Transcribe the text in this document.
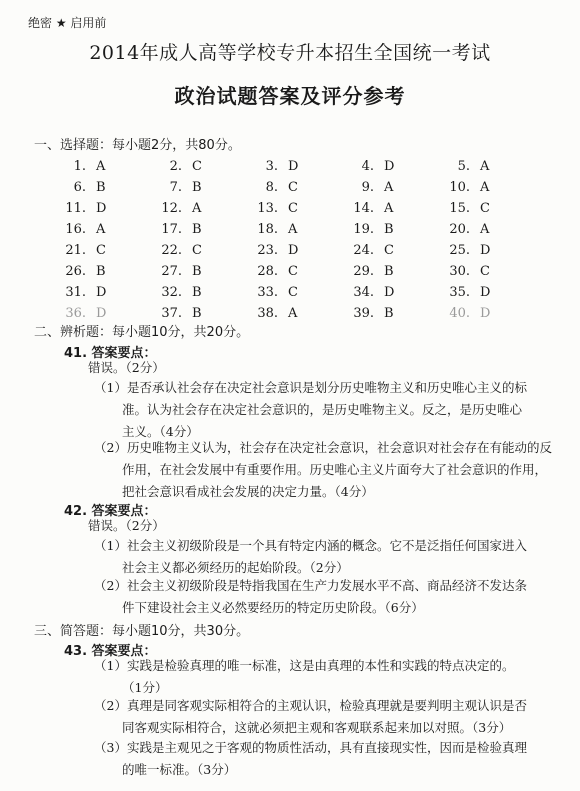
绝密 ★ 启用前
2014年成人高等学校专升本招生全国统一考试
政治试题答案及评分参考
一、选择题：每小题2分，共80分。
1. A	2. C	3. D	4. D	5. A
6. B	7. B	8. C	9. A	10. A
11. D	12. A	13. C	14. A	15. C
16. A	17. B	18. A	19. B	20. A
21. C	22. C	23. D	24. C	25. D
26. B	27. B	28. C	29. B	30. C
31. D	32. B	33. C	34. D	35. D
36. D	37. B	38. A	39. B	40. D
二、辨析题：每小题10分，共20分。
41. 答案要点：
错误。（2分）
（1）是否承认社会存在决定社会意识是划分历史唯物主义和历史唯心主义的标
准。认为社会存在决定社会意识的，是历史唯物主义。反之，是历史唯心
主义。（4分）
（2）历史唯物主义认为，社会存在决定社会意识，社会意识对社会存在有能动的反
作用，在社会发展中有重要作用。历史唯心主义片面夸大了社会意识的作用，
把社会意识看成社会发展的决定力量。（4分）
42. 答案要点：
错误。（2分）
（1）社会主义初级阶段是一个具有特定内涵的概念。它不是泛指任何国家进入
社会主义都必须经历的起始阶段。（2分）
（2）社会主义初级阶段是特指我国在生产力发展水平不高、商品经济不发达条
件下建设社会主义必然要经历的特定历史阶段。（6分）
三、简答题：每小题10分，共30分。
43. 答案要点：
（1）实践是检验真理的唯一标准，这是由真理的本性和实践的特点决定的。
（1分）
（2）真理是同客观实际相符合的主观认识，检验真理就是要判明主观认识是否
同客观实际相符合，这就必须把主观和客观联系起来加以对照。（3分）
（3）实践是主观见之于客观的物质性活动，具有直接现实性，因而是检验真理
的唯一标准。（3分）
